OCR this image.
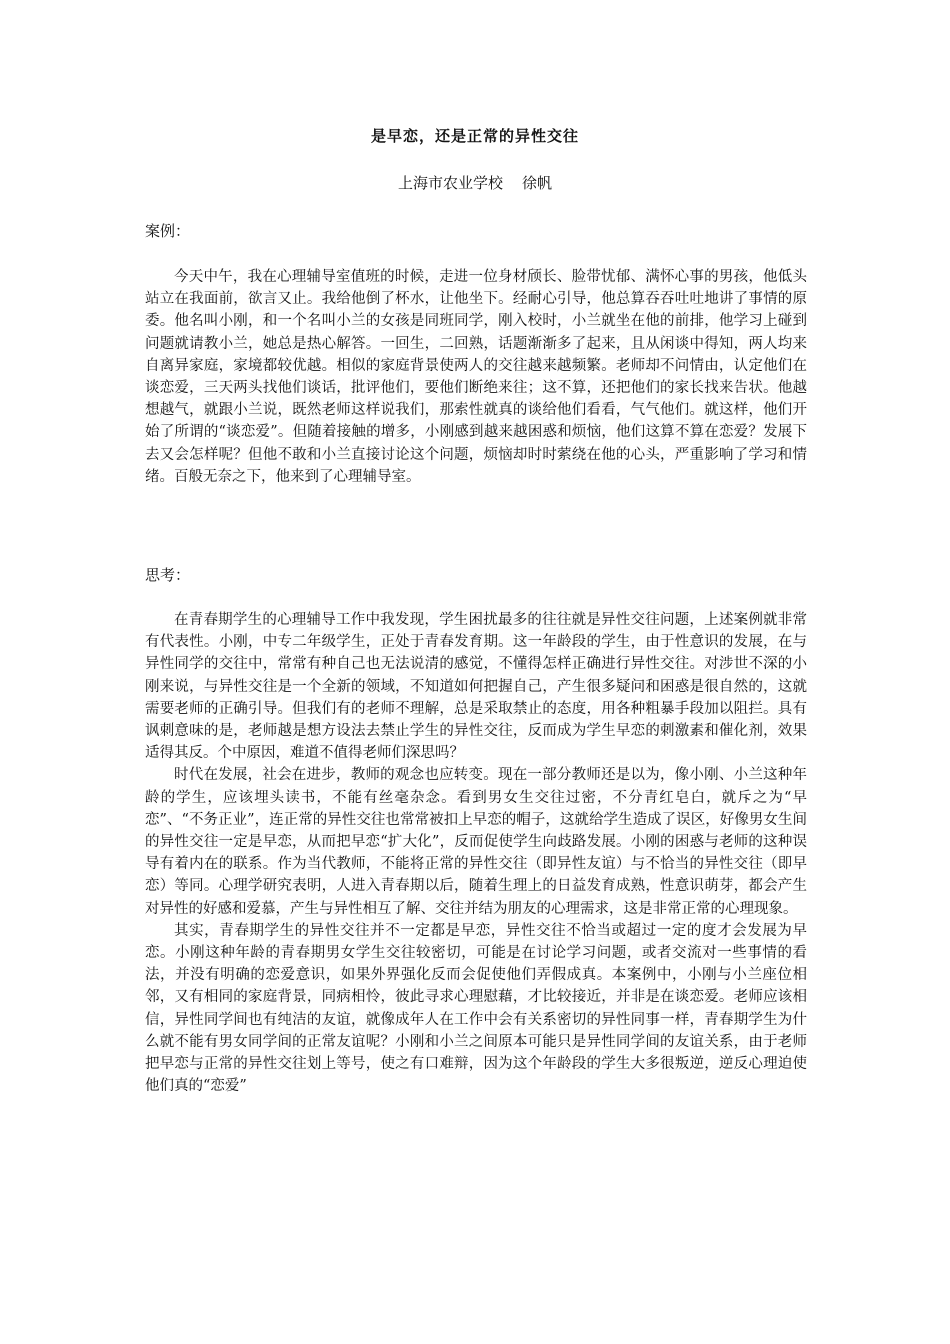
是早恋，还是正常的异性交往
上海市农业学校    徐帆
案例：

今天中午，我在心理辅导室值班的时候，走进一位身材颀长、脸带忧郁、满怀心事的男孩，他低头站立在我面前，欲言又止。我给他倒了杯水，让他坐下。经耐心引导，他总算吞吞吐吐地讲了事情的原委。他名叫小刚，和一个名叫小兰的女孩是同班同学，刚入校时，小兰就坐在他的前排，他学习上碰到问题就请教小兰，她总是热心解答。一回生，二回熟，话题渐渐多了起来，且从闲谈中得知，两人均来自离异家庭，家境都较优越。相似的家庭背景使两人的交往越来越频繁。老师却不问情由，认定他们在谈恋爱，三天两头找他们谈话，批评他们，要他们断绝来往；这不算，还把他们的家长找来告状。他越想越气，就跟小兰说，既然老师这样说我们，那索性就真的谈给他们看看，气气他们。就这样，他们开始了所谓的“谈恋爱”。但随着接触的增多，小刚感到越来越困惑和烦恼，他们这算不算在恋爱？发展下去又会怎样呢？但他不敢和小兰直接讨论这个问题，烦恼却时时萦绕在他的心头，严重影响了学习和情绪。百般无奈之下，他来到了心理辅导室。

思考：

在青春期学生的心理辅导工作中我发现，学生困扰最多的往往就是异性交往问题，上述案例就非常有代表性。小刚，中专二年级学生，正处于青春发育期。这一年龄段的学生，由于性意识的发展，在与异性同学的交往中，常常有种自己也无法说清的感觉，不懂得怎样正确进行异性交往。对涉世不深的小刚来说，与异性交往是一个全新的领域，不知道如何把握自己，产生很多疑问和困惑是很自然的，这就需要老师的正确引导。但我们有的老师不理解，总是采取禁止的态度，用各种粗暴手段加以阻拦。具有讽刺意味的是，老师越是想方设法去禁止学生的异性交往，反而成为学生早恋的刺激素和催化剂，效果适得其反。个中原因，难道不值得老师们深思吗？

时代在发展，社会在进步，教师的观念也应转变。现在一部分教师还是以为，像小刚、小兰这种年龄的学生，应该埋头读书，不能有丝毫杂念。看到男女生交往过密，不分青红皂白，就斥之为“早恋”、“不务正业”，连正常的异性交往也常常被扣上早恋的帽子，这就给学生造成了误区，好像男女生间的异性交往一定是早恋，从而把早恋“扩大化”，反而促使学生向歧路发展。小刚的困惑与老师的这种误导有着内在的联系。作为当代教师，不能将正常的异性交往（即异性友谊）与不恰当的异性交往（即早恋）等同。心理学研究表明，人进入青春期以后，随着生理上的日益发育成熟，性意识萌芽，都会产生对异性的好感和爱慕，产生与异性相互了解、交往并结为朋友的心理需求，这是非常正常的心理现象。

其实，青春期学生的异性交往并不一定都是早恋，异性交往不恰当或超过一定的度才会发展为早恋。小刚这种年龄的青春期男女学生交往较密切，可能是在讨论学习问题，或者交流对一些事情的看法，并没有明确的恋爱意识，如果外界强化反而会促使他们弄假成真。本案例中，小刚与小兰座位相邻，又有相同的家庭背景，同病相怜，彼此寻求心理慰藉，才比较接近，并非是在谈恋爱。老师应该相信，异性同学间也有纯洁的友谊，就像成年人在工作中会有关系密切的异性同事一样，青春期学生为什么就不能有男女同学间的正常友谊呢？小刚和小兰之间原本可能只是异性同学间的友谊关系，由于老师把早恋与正常的异性交往划上等号，使之有口难辩，因为这个年龄段的学生大多很叛逆，逆反心理迫使他们真的“恋爱”
